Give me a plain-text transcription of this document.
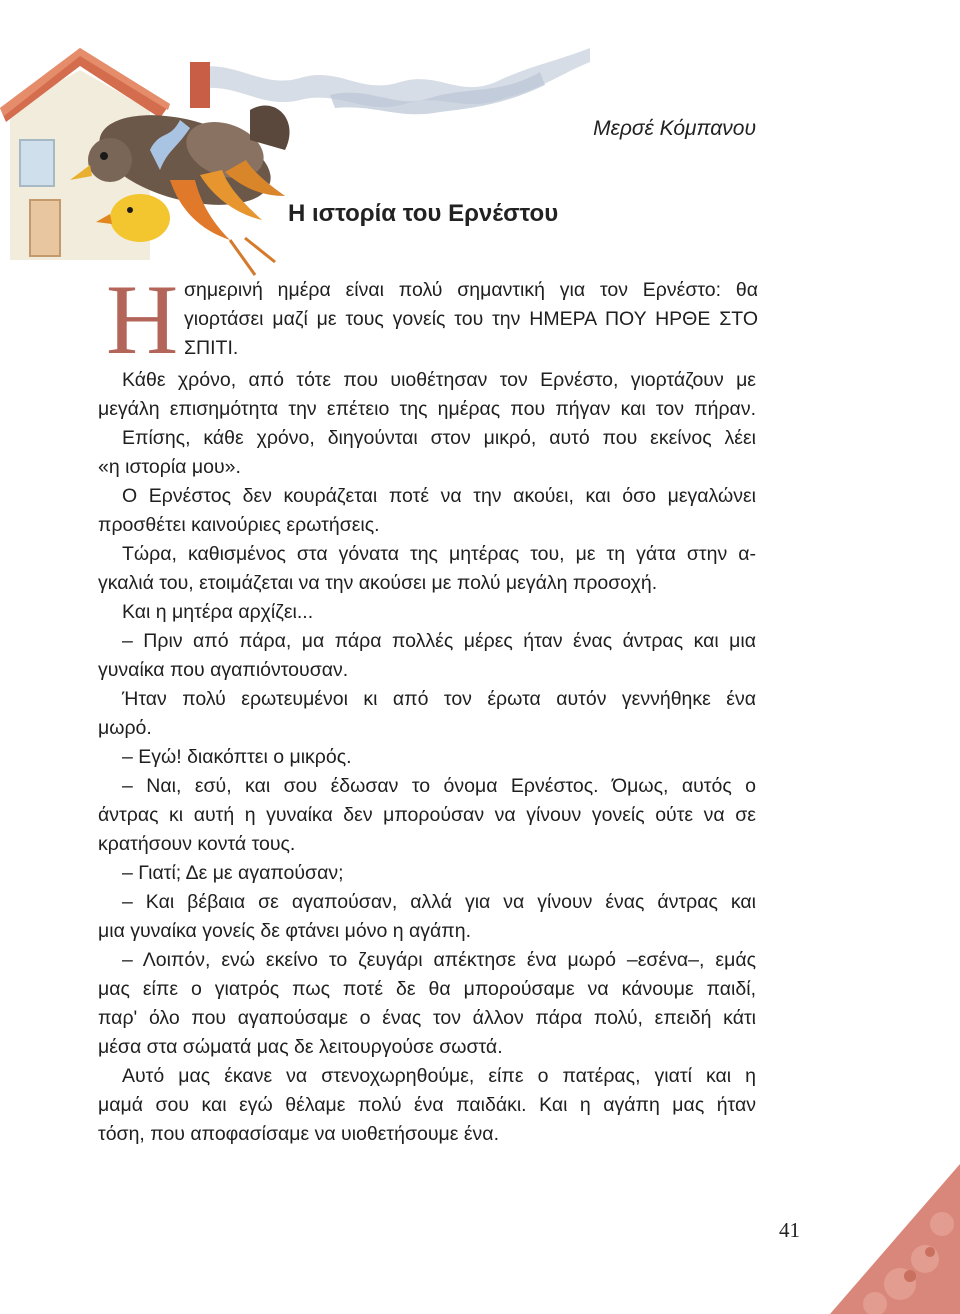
Μερσέ Κόμπανου
Η ιστορία του Ερνέστου
Η σημερινή ημέρα είναι πολύ σημαντική για τον Ερνέστο: θα
γιορτάσει μαζί με τους γονείς του την ΗΜΕΡΑ ΠΟΥ ΗΡΘΕ ΣΤΟ
ΣΠΙΤΙ.
Κάθε χρόνο, από τότε που υιοθέτησαν τον Ερνέστο, γιορτάζουν με
μεγάλη επισημότητα την επέτειο της ημέρας που πήγαν και τον πήραν.
Επίσης, κάθε χρόνο, διηγούνται στον μικρό, αυτό που εκείνος λέει
«η ιστορία μου».
Ο Ερνέστος δεν κουράζεται ποτέ να την ακούει, και όσο μεγαλώνει
προσθέτει καινούριες ερωτήσεις.
Τώρα, καθισμένος στα γόνατα της μητέρας του, με τη γάτα στην α-
γκαλιά του, ετοιμάζεται να την ακούσει με πολύ μεγάλη προσοχή.
Και η μητέρα αρχίζει...
– Πριν από πάρα, μα πάρα πολλές μέρες ήταν ένας άντρας και μια
γυναίκα που αγαπιόντουσαν.
Ήταν πολύ ερωτευμένοι κι από τον έρωτα αυτόν γεννήθηκε ένα
μωρό.
– Εγώ! διακόπτει ο μικρός.
– Ναι, εσύ, και σου έδωσαν το όνομα Ερνέστος. Όμως, αυτός ο
άντρας κι αυτή η γυναίκα δεν μπορούσαν να γίνουν γονείς ούτε να σε
κρατήσουν κοντά τους.
– Γιατί; Δε με αγαπούσαν;
– Και βέβαια σε αγαπούσαν, αλλά για να γίνουν ένας άντρας και
μια γυναίκα γονείς δε φτάνει μόνο η αγάπη.
– Λοιπόν, ενώ εκείνο το ζευγάρι απέκτησε ένα μωρό –εσένα–, εμάς
μας είπε ο γιατρός πως ποτέ δε θα μπορούσαμε να κάνουμε παιδί,
παρ' όλο που αγαπούσαμε ο ένας τον άλλον πάρα πολύ, επειδή κάτι
μέσα στα σώματά μας δε λειτουργούσε σωστά.
Αυτό μας έκανε να στενοχωρηθούμε, είπε ο πατέρας, γιατί και η
μαμά σου και εγώ θέλαμε πολύ ένα παιδάκι. Και η αγάπη μας ήταν
τόση, που αποφασίσαμε να υιοθετήσουμε ένα.
41
